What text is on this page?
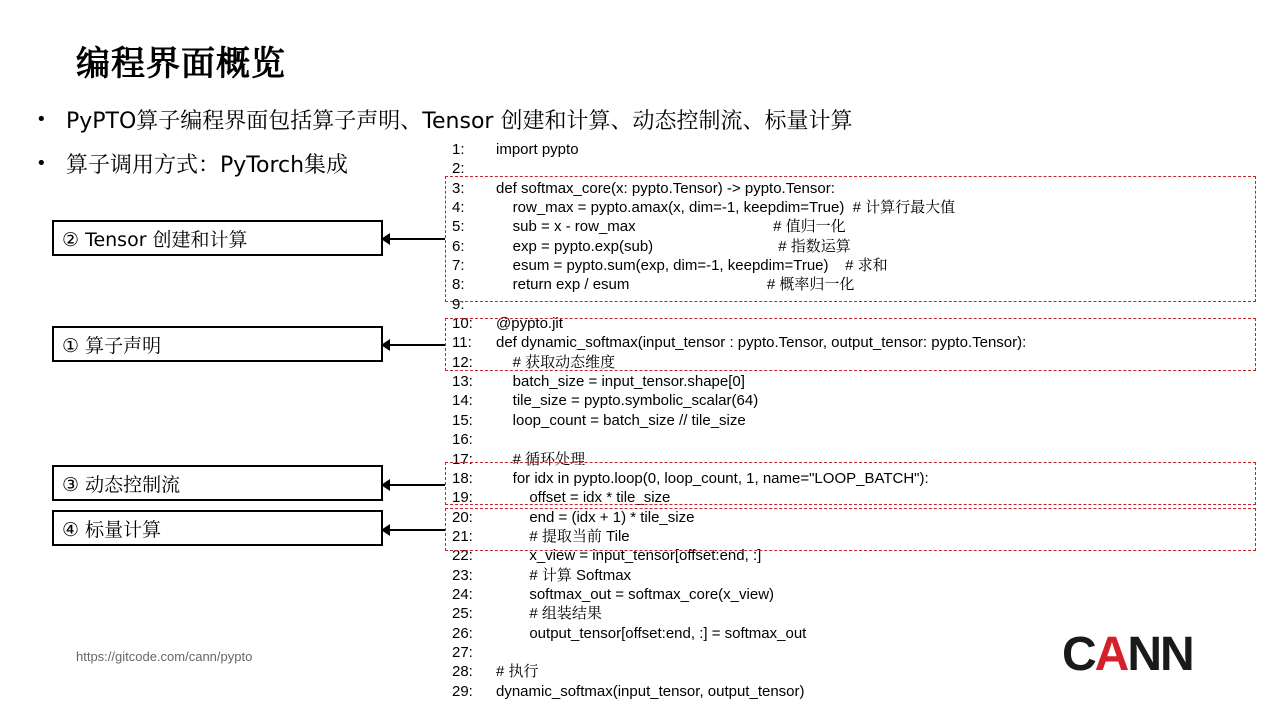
编程界面概览
• PyPTO算子编程界面包括算子声明、Tensor 创建和计算、动态控制流、标量计算
• 算子调用方式：PyTorch集成
② Tensor 创建和计算
① 算子声明
③ 动态控制流
④ 标量计算
1:	import pypto
2:
3:	def softmax_core(x: pypto.Tensor) -> pypto.Tensor:
4:	row_max = pypto.amax(x, dim=-1, keepdim=True)  # 计算行最大值
5:	sub = x - row_max                                 # 值归一化
6:	exp = pypto.exp(sub)                              # 指数运算
7:	esum = pypto.sum(exp, dim=-1, keepdim=True)    # 求和
8:	return exp / esum                                 # 概率归一化
9:
10:	@pypto.jit
11:	def dynamic_softmax(input_tensor : pypto.Tensor, output_tensor: pypto.Tensor):
12:	# 获取动态维度
13:	batch_size = input_tensor.shape[0]
14:	tile_size = pypto.symbolic_scalar(64)
15:	loop_count = batch_size // tile_size
16:
17:	# 循环处理
18:	for idx in pypto.loop(0, loop_count, 1, name="LOOP_BATCH"):
19:	offset = idx * tile_size
20:	end = (idx + 1) * tile_size
21:	# 提取当前 Tile
22:	x_view = input_tensor[offset:end, :]
23:	# 计算 Softmax
24:	softmax_out = softmax_core(x_view)
25:	# 组装结果
26:	output_tensor[offset:end, :] = softmax_out
27:
28:	# 执行
29:	dynamic_softmax(input_tensor, output_tensor)
https://gitcode.com/cann/pypto	CANN
